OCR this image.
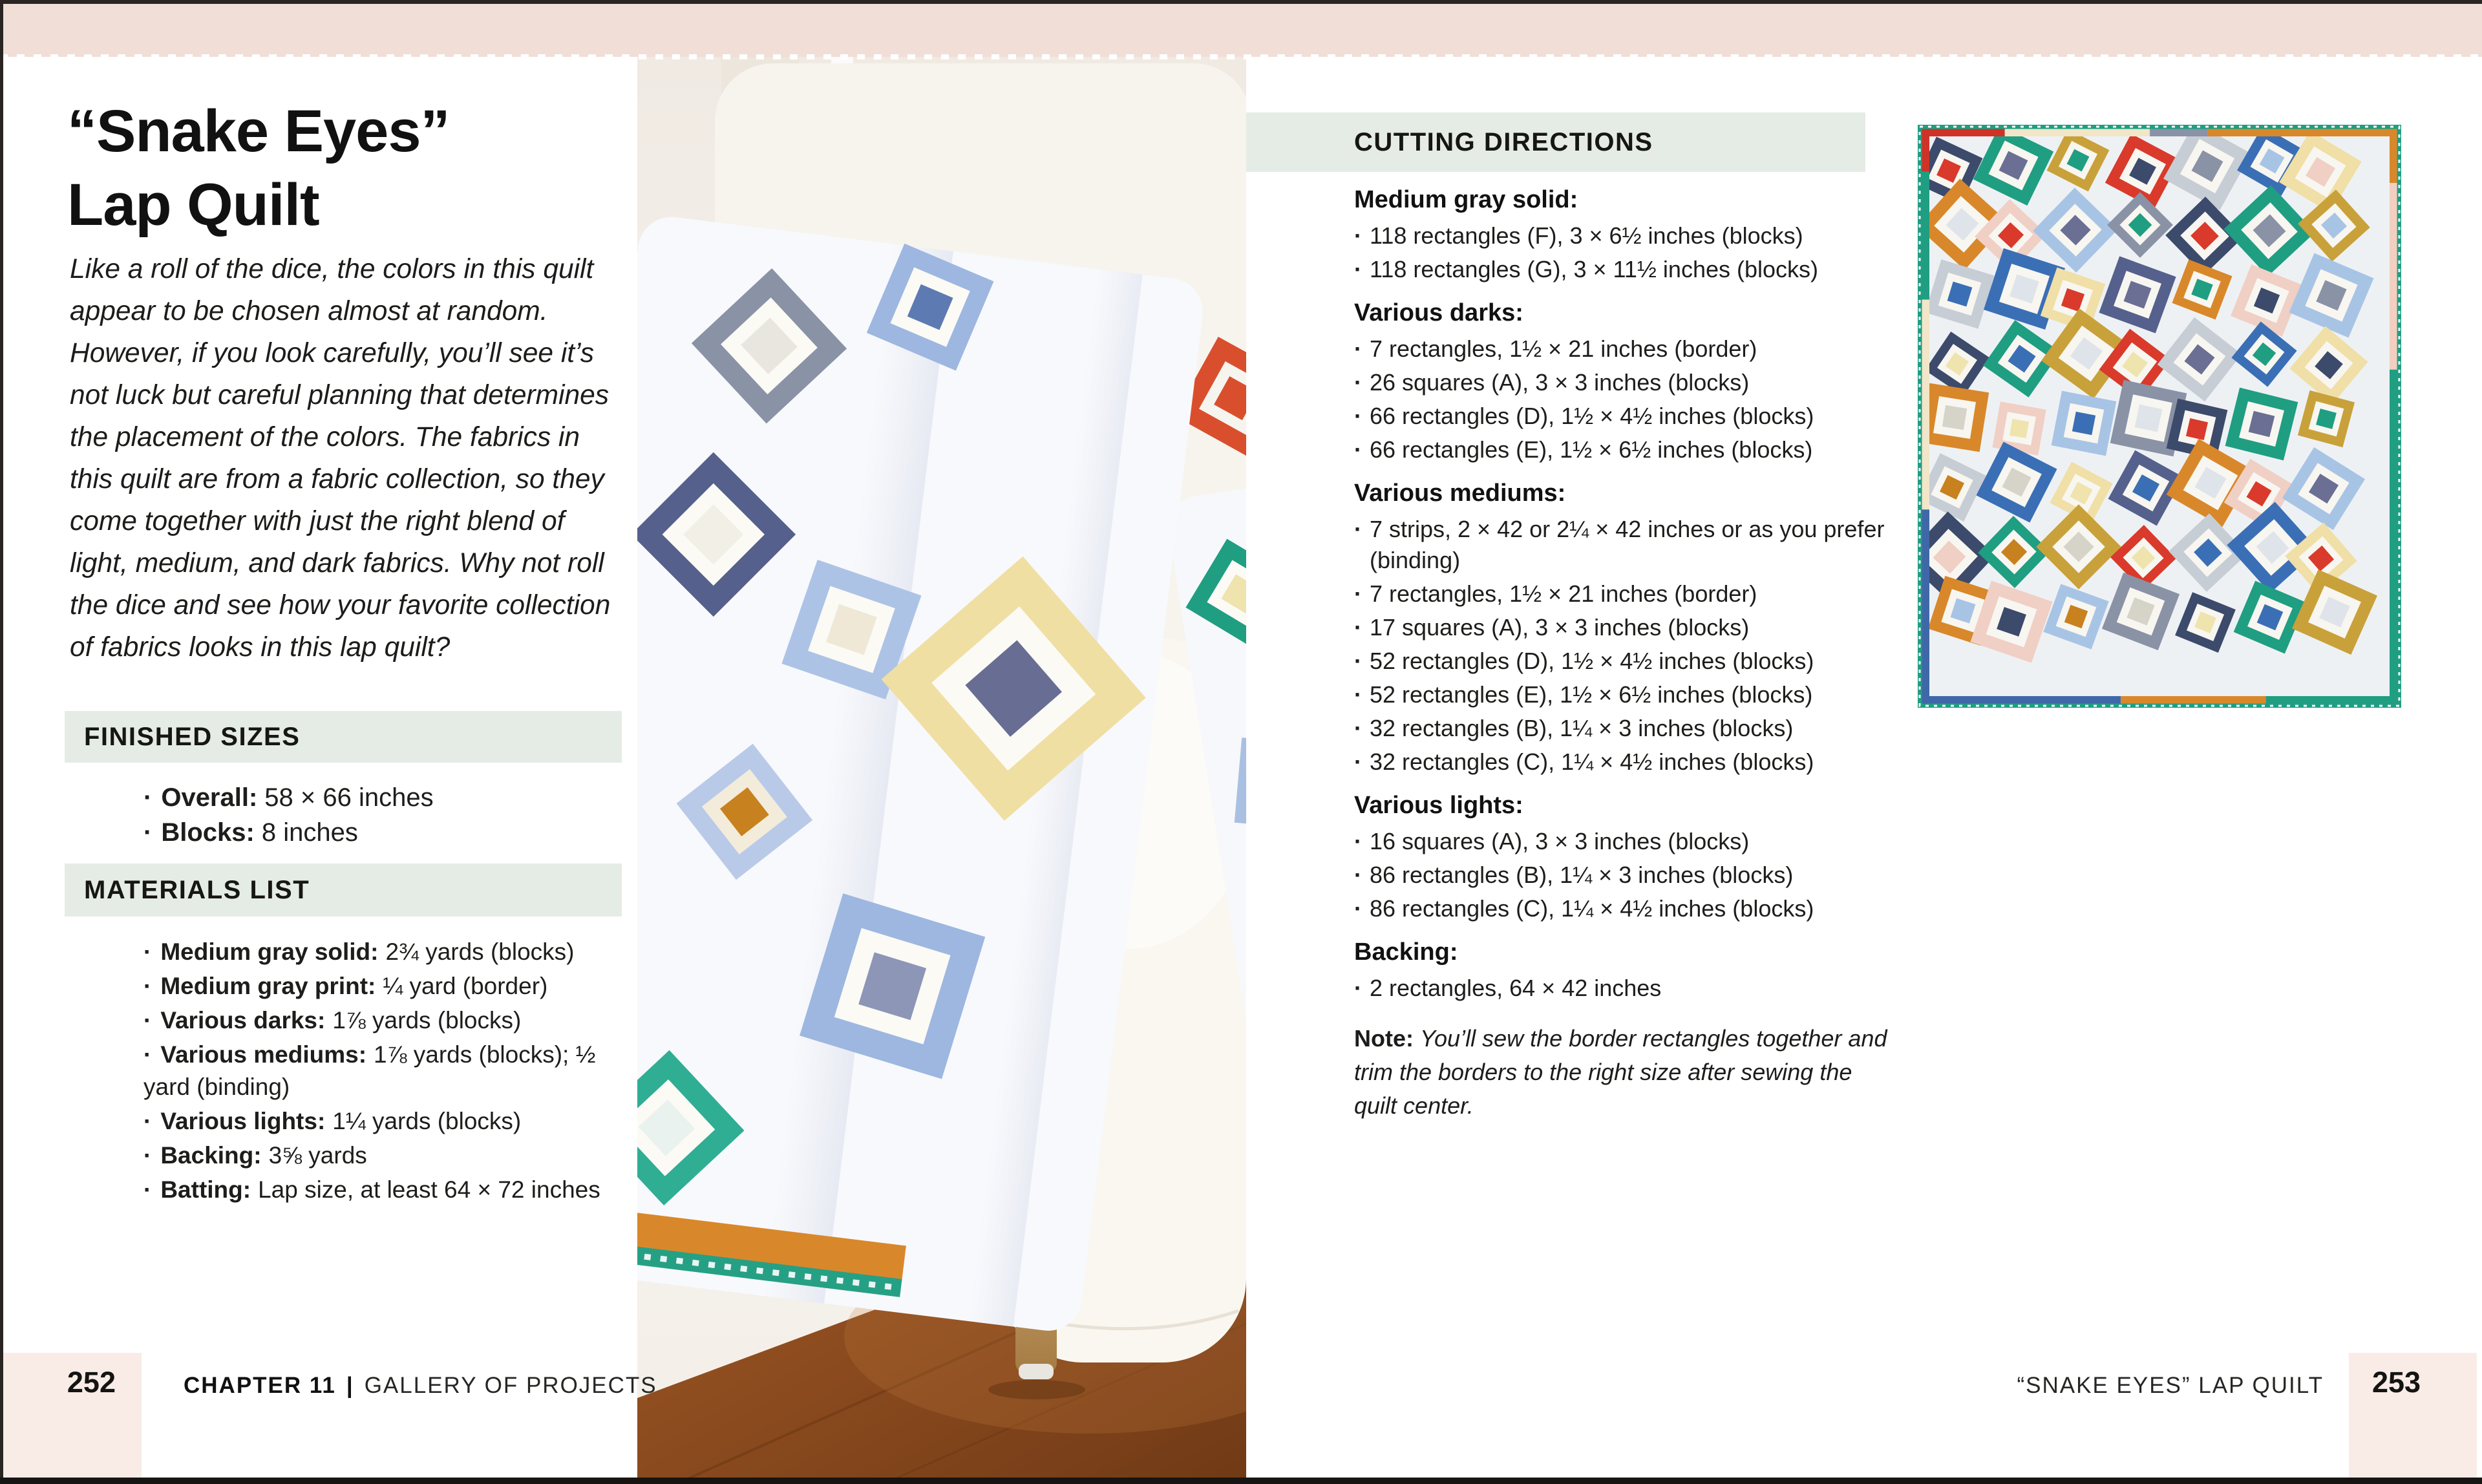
“Snake Eyes”
Lap Quilt

Like a roll of the dice, the colors in this quilt appear to be chosen almost at random. However, if you look carefully, you’ll see it’s not luck but careful planning that determines the placement of the colors. The fabrics in this quilt are from a fabric collection, so they come together with just the right blend of light, medium, and dark fabrics. Why not roll the dice and see how your favorite collection of fabrics looks in this lap quilt?

FINISHED SIZES
· Overall: 58 × 66 inches
· Blocks: 8 inches
MATERIALS LIST
· Medium gray solid: 2¾ yards (blocks)
· Medium gray print: ¼ yard (border)
· Various darks: 1⅞ yards (blocks)
· Various mediums: 1⅞ yards (blocks); ½ yard (binding)
· Various lights: 1¼ yards (blocks)
· Backing: 3⅝ yards
· Batting: Lap size, at least 64 × 72 inches
252	CHAPTER 11 | GALLERY OF PROJECTS
CUTTING DIRECTIONS
Medium gray solid:
· 118 rectangles (F), 3 × 6½ inches (blocks)
· 118 rectangles (G), 3 × 11½ inches (blocks)
Various darks:
· 7 rectangles, 1½ × 21 inches (border)
· 26 squares (A), 3 × 3 inches (blocks)
· 66 rectangles (D), 1½ × 4½ inches (blocks)
· 66 rectangles (E), 1½ × 6½ inches (blocks)
Various mediums:
· 7 strips, 2 × 42 or 2¼ × 42 inches or as you prefer (binding)
· 7 rectangles, 1½ × 21 inches (border)
· 17 squares (A), 3 × 3 inches (blocks)
· 52 rectangles (D), 1½ × 4½ inches (blocks)
· 52 rectangles (E), 1½ × 6½ inches (blocks)
· 32 rectangles (B), 1¼ × 3 inches (blocks)
· 32 rectangles (C), 1¼ × 4½ inches (blocks)
Various lights:
· 16 squares (A), 3 × 3 inches (blocks)
· 86 rectangles (B), 1¼ × 3 inches (blocks)
· 86 rectangles (C), 1¼ × 4½ inches (blocks)
Backing:
· 2 rectangles, 64 × 42 inches

Note: You’ll sew the border rectangles together and trim the borders to the right size after sewing the quilt center.

253
“SNAKE EYES” LAP QUILT
